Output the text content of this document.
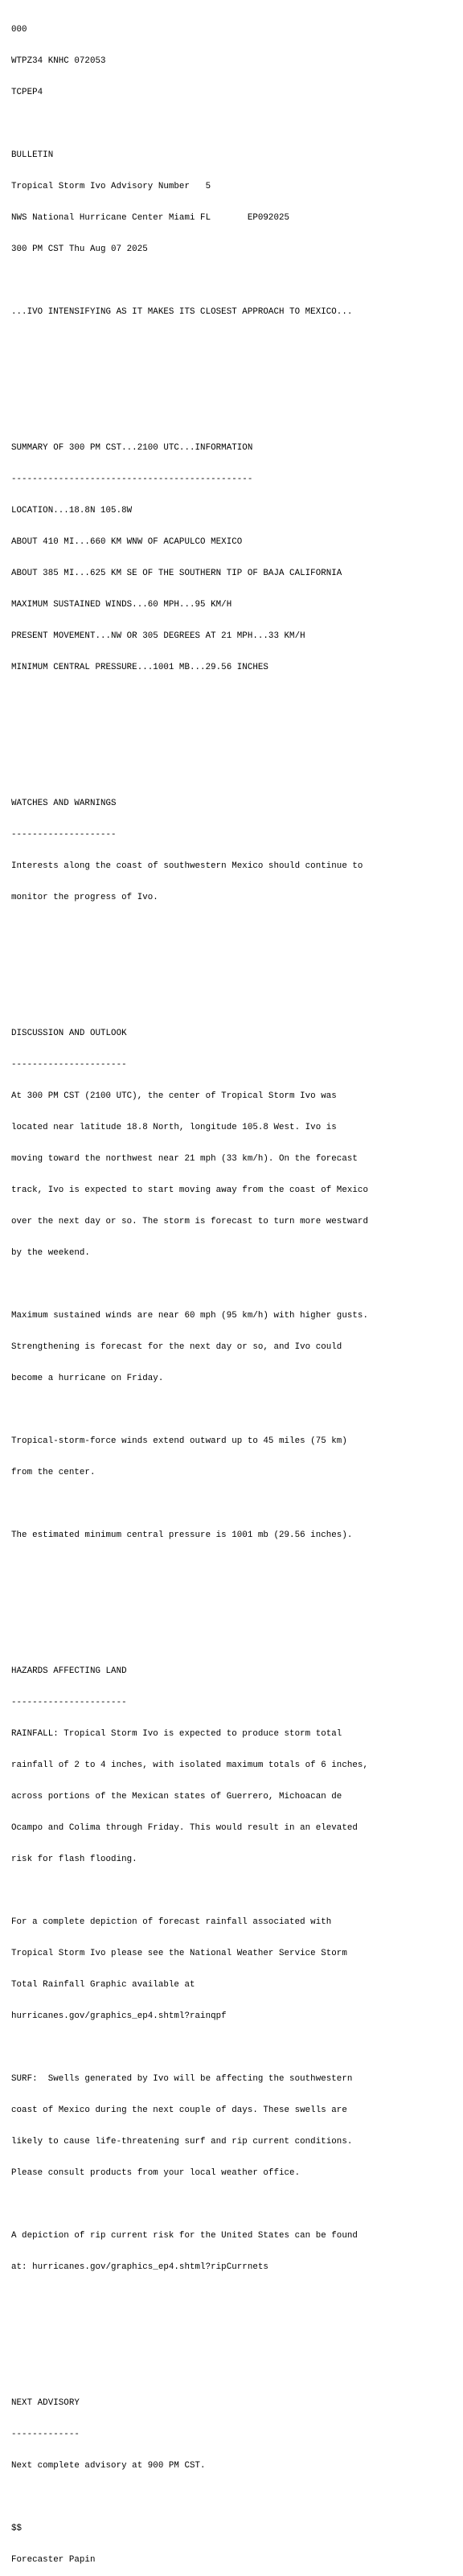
000

WTPZ34 KNHC 072053

TCPEP4

BULLETIN

Tropical Storm Ivo Advisory Number   5

NWS National Hurricane Center Miami FL       EP092025

300 PM CST Thu Aug 07 2025

...IVO INTENSIFYING AS IT MAKES ITS CLOSEST APPROACH TO MEXICO...

SUMMARY OF 300 PM CST...2100 UTC...INFORMATION

----------------------------------------------

LOCATION...18.8N 105.8W

ABOUT 410 MI...660 KM WNW OF ACAPULCO MEXICO

ABOUT 385 MI...625 KM SE OF THE SOUTHERN TIP OF BAJA CALIFORNIA

MAXIMUM SUSTAINED WINDS...60 MPH...95 KM/H

PRESENT MOVEMENT...NW OR 305 DEGREES AT 21 MPH...33 KM/H

MINIMUM CENTRAL PRESSURE...1001 MB...29.56 INCHES

WATCHES AND WARNINGS

--------------------

Interests along the coast of southwestern Mexico should continue to

monitor the progress of Ivo.

DISCUSSION AND OUTLOOK

----------------------

At 300 PM CST (2100 UTC), the center of Tropical Storm Ivo was

located near latitude 18.8 North, longitude 105.8 West. Ivo is

moving toward the northwest near 21 mph (33 km/h). On the forecast

track, Ivo is expected to start moving away from the coast of Mexico

over the next day or so. The storm is forecast to turn more westward

by the weekend.

Maximum sustained winds are near 60 mph (95 km/h) with higher gusts.

Strengthening is forecast for the next day or so, and Ivo could

become a hurricane on Friday.

Tropical-storm-force winds extend outward up to 45 miles (75 km)

from the center.

The estimated minimum central pressure is 1001 mb (29.56 inches).

HAZARDS AFFECTING LAND

----------------------

RAINFALL: Tropical Storm Ivo is expected to produce storm total

rainfall of 2 to 4 inches, with isolated maximum totals of 6 inches,

across portions of the Mexican states of Guerrero, Michoacan de

Ocampo and Colima through Friday. This would result in an elevated

risk for flash flooding.

For a complete depiction of forecast rainfall associated with

Tropical Storm Ivo please see the National Weather Service Storm

Total Rainfall Graphic available at

hurricanes.gov/graphics_ep4.shtml?rainqpf

SURF:  Swells generated by Ivo will be affecting the southwestern

coast of Mexico during the next couple of days. These swells are

likely to cause life-threatening surf and rip current conditions.

Please consult products from your local weather office.

A depiction of rip current risk for the United States can be found

at: hurricanes.gov/graphics_ep4.shtml?ripCurrnets

NEXT ADVISORY

-------------

Next complete advisory at 900 PM CST.

$$

Forecaster Papin
